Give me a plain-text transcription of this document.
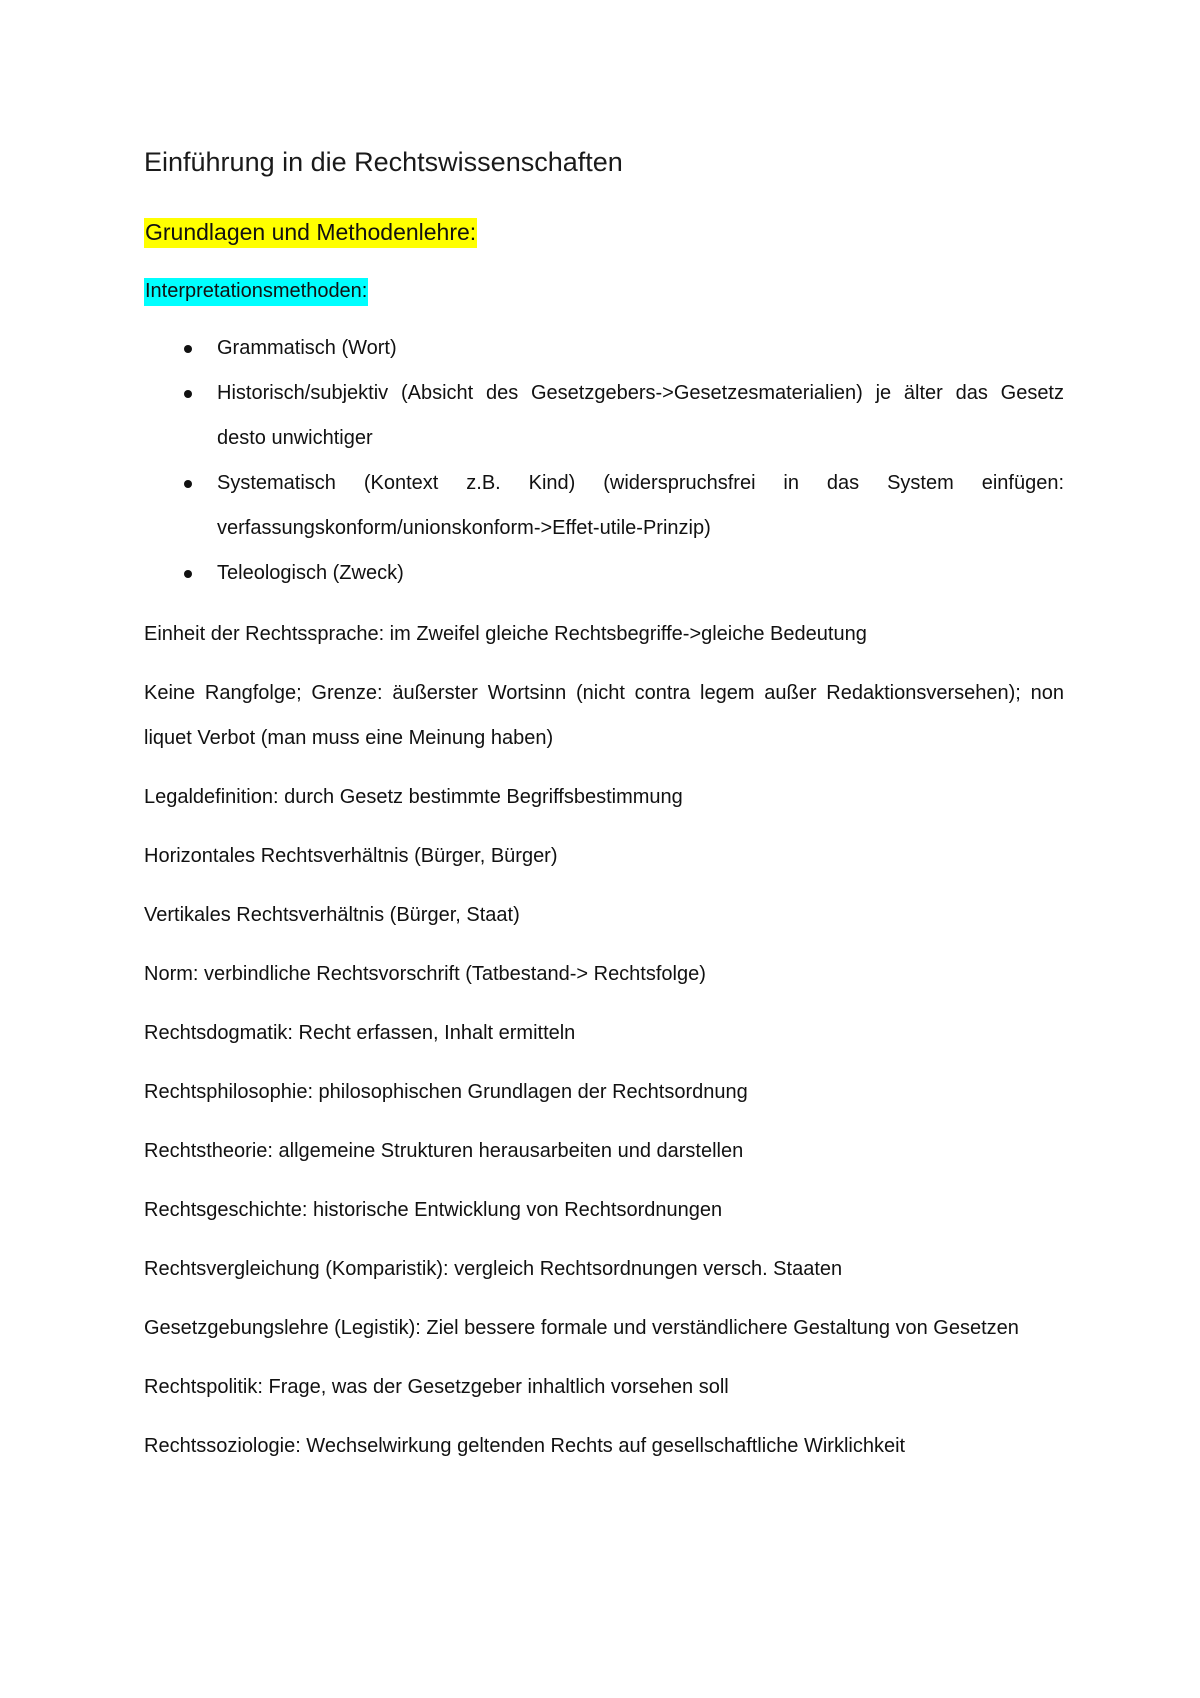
Einführung in die Rechtswissenschaften
Grundlagen und Methodenlehre:
Interpretationsmethoden:
Grammatisch (Wort)
Historisch/subjektiv (Absicht des Gesetzgebers->Gesetzesmaterialien) je älter das Gesetz desto unwichtiger
Systematisch (Kontext z.B. Kind) (widerspruchsfrei in das System einfügen: verfassungskonform/unionskonform->Effet-utile-Prinzip)
Teleologisch (Zweck)

Einheit der Rechtssprache: im Zweifel gleiche Rechtsbegriffe->gleiche Bedeutung

Keine Rangfolge; Grenze: äußerster Wortsinn (nicht contra legem außer Redaktionsversehen); non liquet Verbot (man muss eine Meinung haben)

Legaldefinition: durch Gesetz bestimmte Begriffsbestimmung

Horizontales Rechtsverhältnis (Bürger, Bürger)

Vertikales Rechtsverhältnis (Bürger, Staat)

Norm: verbindliche Rechtsvorschrift (Tatbestand-> Rechtsfolge)

Rechtsdogmatik: Recht erfassen, Inhalt ermitteln

Rechtsphilosophie: philosophischen Grundlagen der Rechtsordnung

Rechtstheorie: allgemeine Strukturen herausarbeiten und darstellen

Rechtsgeschichte: historische Entwicklung von Rechtsordnungen

Rechtsvergleichung (Komparistik): vergleich Rechtsordnungen versch. Staaten

Gesetzgebungslehre (Legistik): Ziel bessere formale und verständlichere Gestaltung von Gesetzen

Rechtspolitik: Frage, was der Gesetzgeber inhaltlich vorsehen soll

Rechtssoziologie: Wechselwirkung geltenden Rechts auf gesellschaftliche Wirklichkeit
